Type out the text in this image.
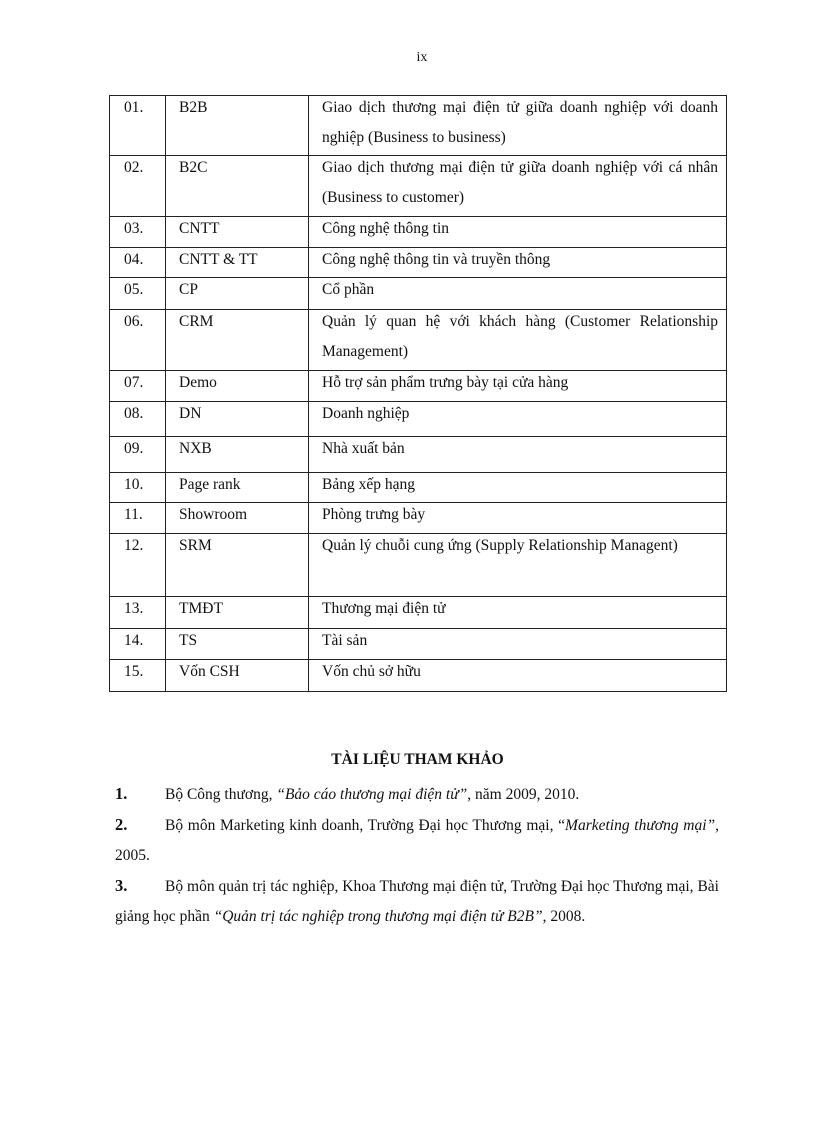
ix
01.	B2B	Giao dịch thương mại điện tử giữa doanh nghiệp với doanh nghiệp (Business to business)

02.	B2C	Giao dịch thương mại điện tử giữa doanh nghiệp với cá nhân (Business to customer)

03.	CNTT	Công nghệ thông tin

04.	CNTT & TT	Công nghệ thông tin và truyền thông

05.	CP	Cổ phần

06.	CRM	Quản lý quan hệ với khách hàng (Customer Relationship Management)

07.	Demo	Hỗ trợ sản phẩm trưng bày tại cửa hàng

08.	DN	Doanh nghiệp

09.	NXB	Nhà xuất bản

10.	Page rank	Bảng xếp hạng

11.	Showroom	Phòng trưng bày

12.	SRM	Quản lý chuỗi cung ứng (Supply Relationship Managent)

13.	TMĐT	Thương mại điện tử

14.	TS	Tài sản

15.	Vốn CSH	Vốn chủ sở hữu
TÀI LIỆU THAM KHẢO
1. Bộ Công thương, “Bảo cáo thương mại điện tử”, năm 2009, 2010.
2. Bộ môn Marketing kinh doanh, Trường Đại học Thương mại, “Marketing thương mại”, 2005.
3. Bộ môn quản trị tác nghiệp, Khoa Thương mại điện tử, Trường Đại học Thương mại, Bài giảng học phần “Quản trị tác nghiệp trong thương mại điện tử B2B”, 2008.
